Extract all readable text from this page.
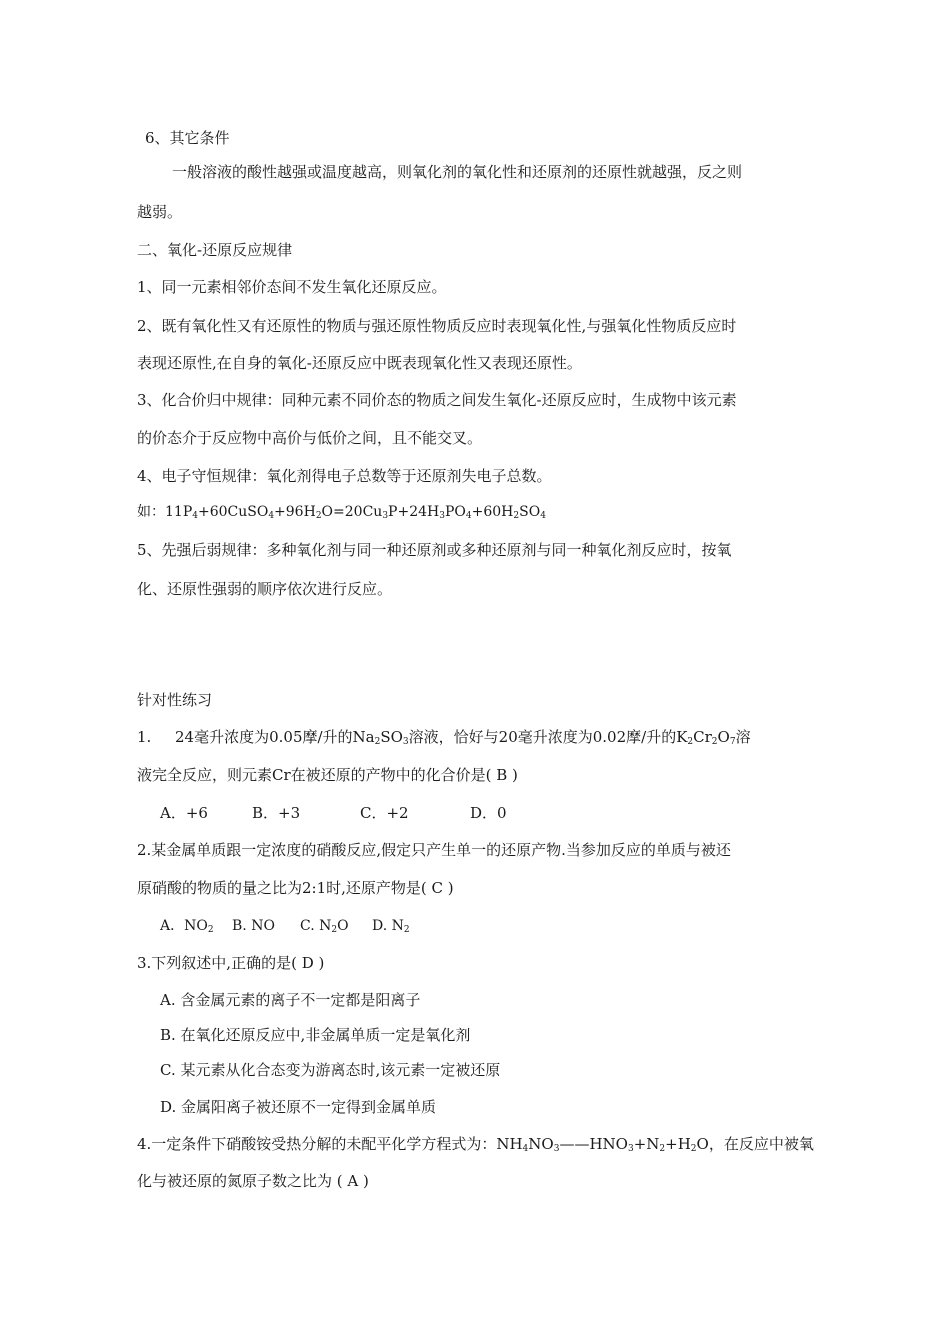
6、其它条件
一般溶液的酸性越强或温度越高，则氧化剂的氧化性和还原剂的还原性就越强，反之则
越弱。
二、氧化-还原反应规律
1、同一元素相邻价态间不发生氧化还原反应。
2、既有氧化性又有还原性的物质与强还原性物质反应时表现氧化性,与强氧化性物质反应时
表现还原性,在自身的氧化-还原反应中既表现氧化性又表现还原性。
3、化合价归中规律：同种元素不同价态的物质之间发生氧化-还原反应时，生成物中该元素
的价态介于反应物中高价与低价之间，且不能交叉。
4、电子守恒规律：氧化剂得电子总数等于还原剂失电子总数。
如：$11P_4+60CuSO_4+96H_2O=20Cu_3P+24H_3PO_4+60H_2SO_4$
5、先强后弱规律：多种氧化剂与同一种还原剂或多种还原剂与同一种氧化剂反应时，按氧
化、还原性强弱的顺序依次进行反应。
针对性练习
1. 24毫升浓度为0.05摩/升的$Na_2SO_3$溶液，恰好与20毫升浓度为0.02摩/升的$K_2Cr_2O_7$溶
液完全反应，则元素Cr在被还原的产物中的化合价是( B )
A．+6	B．+3	C．+2	D．0
2.某金属单质跟一定浓度的硝酸反应,假定只产生单一的还原产物.当参加反应的单质与被还
原硝酸的物质的量之比为2:1时,还原产物是( C )
A．$NO_2$ B. NO C. $N_2O$ D. $N_2$
3.下列叙述中,正确的是( D )
A. 含金属元素的离子不一定都是阳离子
B. 在氧化还原反应中,非金属单质一定是氧化剂
C. 某元素从化合态变为游离态时,该元素一定被还原
D. 金属阳离子被还原不一定得到金属单质
4.一定条件下硝酸铵受热分解的未配平化学方程式为：$NH_4NO_3——HNO_3+N_2+H_2O$，在反应中被氧
化与被还原的氮原子数之比为 ( A )
